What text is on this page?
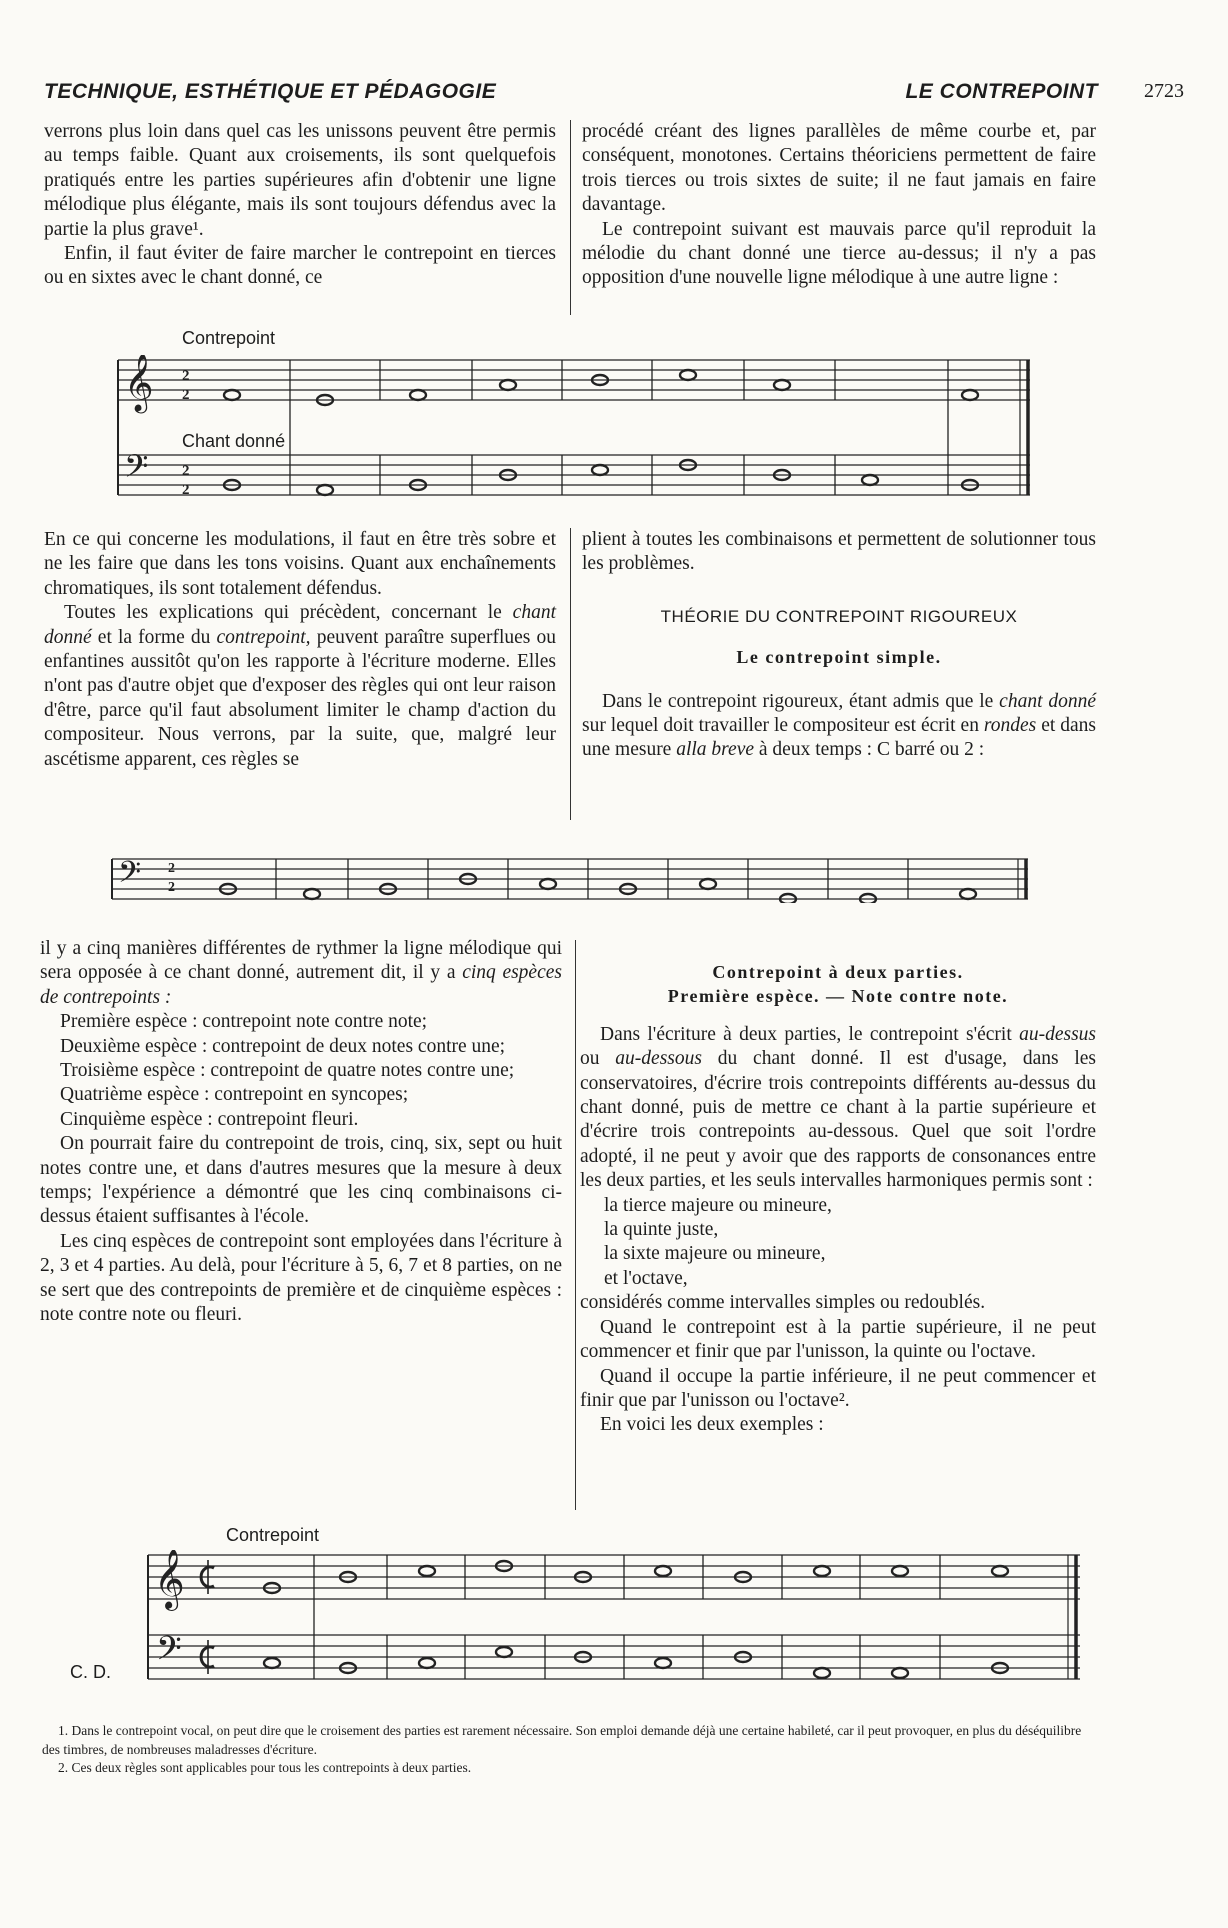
TECHNIQUE, ESTHÉTIQUE ET PÉDAGOGIE	LE CONTREPOINT 2723

verrons plus loin dans quel cas les unissons peuvent être permis au temps faible. Quant aux croisements, ils sont quelquefois pratiqués entre les parties supérieures afin d'obtenir une ligne mélodique plus élégante, mais ils sont toujours défendus avec la partie la plus grave¹.

Enfin, il faut éviter de faire marcher le contrepoint en tierces ou en sixtes avec le chant donné, ce

procédé créant des lignes parallèles de même courbe et, par conséquent, monotones. Certains théoriciens permettent de faire trois tierces ou trois sixtes de suite; il ne faut jamais en faire davantage.

Le contrepoint suivant est mauvais parce qu'il reproduit la mélodie du chant donné une tierce au-dessus; il n'y a pas opposition d'une nouvelle ligne mélodique à une autre ligne :

Contrepoint
Chant donné
𝄞
𝄢
2
2
2
2

En ce qui concerne les modulations, il faut en être très sobre et ne les faire que dans les tons voisins. Quant aux enchaînements chromatiques, ils sont totalement défendus.

Toutes les explications qui précèdent, concernant le chant donné et la forme du contrepoint, peuvent paraître superflues ou enfantines aussitôt qu'on les rapporte à l'écriture moderne. Elles n'ont pas d'autre objet que d'exposer des règles qui ont leur raison d'être, parce qu'il faut absolument limiter le champ d'action du compositeur. Nous verrons, par la suite, que, malgré leur ascétisme apparent, ces règles se

plient à toutes les combinaisons et permettent de solutionner tous les problèmes.

THÉORIE DU CONTREPOINT RIGOUREUX
Le contrepoint simple.

Dans le contrepoint rigoureux, étant admis que le chant donné sur lequel doit travailler le compositeur est écrit en rondes et dans une mesure alla breve à deux temps : C barré ou 2 :

𝄢 2
2

il y a cinq manières différentes de rythmer la ligne mélodique qui sera opposée à ce chant donné, autrement dit, il y a cinq espèces de contrepoints :

Première espèce : contrepoint note contre note;

Deuxième espèce : contrepoint de deux notes contre une;

Troisième espèce : contrepoint de quatre notes contre une;

Quatrième espèce : contrepoint en syncopes;

Cinquième espèce : contrepoint fleuri.

On pourrait faire du contrepoint de trois, cinq, six, sept ou huit notes contre une, et dans d'autres mesures que la mesure à deux temps; l'expérience a démontré que les cinq combinaisons ci-dessus étaient suffisantes à l'école.

Les cinq espèces de contrepoint sont employées dans l'écriture à 2, 3 et 4 parties. Au delà, pour l'écriture à 5, 6, 7 et 8 parties, on ne se sert que des contrepoints de première et de cinquième espèces : note contre note ou fleuri.

Contrepoint à deux parties.
Première espèce. — Note contre note.

Dans l'écriture à deux parties, le contrepoint s'écrit au-dessus ou au-dessous du chant donné. Il est d'usage, dans les conservatoires, d'écrire trois contrepoints différents au-dessus du chant donné, puis de mettre ce chant à la partie supérieure et d'écrire trois contrepoints au-dessous. Quel que soit l'ordre adopté, il ne peut y avoir que des rapports de consonances entre les deux parties, et les seuls intervalles harmoniques permis sont :

la tierce majeure ou mineure,

la quinte juste,

la sixte majeure ou mineure,

et l'octave,

considérés comme intervalles simples ou redoublés.

Quand le contrepoint est à la partie supérieure, il ne peut commencer et finir que par l'unisson, la quinte ou l'octave.

Quand il occupe la partie inférieure, il ne peut commencer et finir que par l'unisson ou l'octave².

En voici les deux exemples :

Contrepoint
C. D.
𝄞
𝄢

1. Dans le contrepoint vocal, on peut dire que le croisement des parties est rarement nécessaire. Son emploi demande déjà une certaine habileté, car il peut provoquer, en plus du déséquilibre des timbres, de nombreuses maladresses d'écriture.

2. Ces deux règles sont applicables pour tous les contrepoints à deux parties.
